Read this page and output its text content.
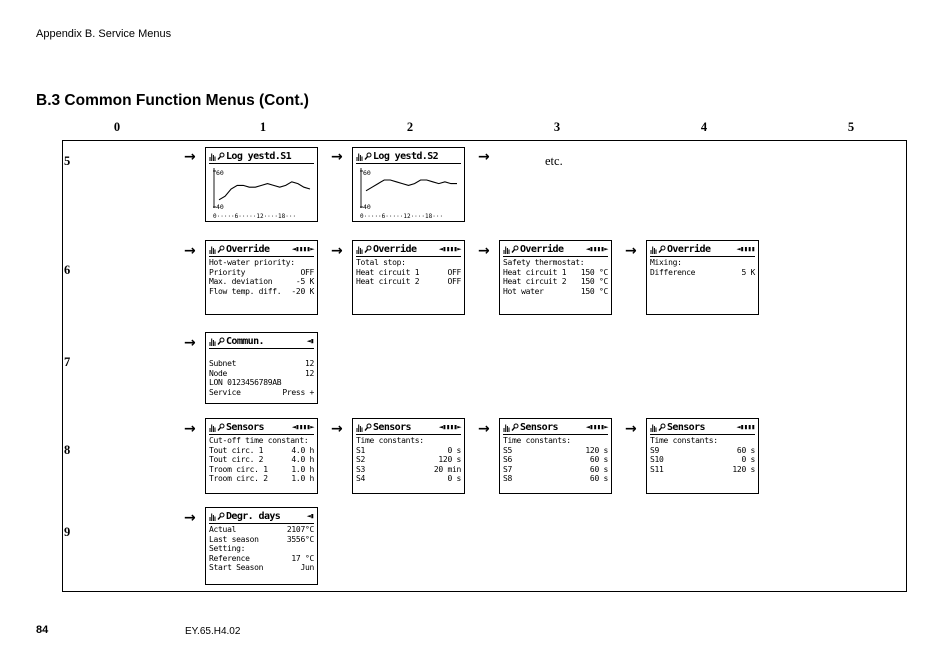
Appendix B. Service Menus
B.3 Common Function Menus (Cont.)
0	1	2	3	4	5
5
6
7
8
9
→	→	→
→	→	→	→
→
→	→	→	→
→
etc.
Log yestd.S1
60
40
0·····6·····12····18···
Log yestd.S2
60
40
0·····6·····12····18···
Override	◄▮▮▮▮►
Hot-water priority:
Priority	OFF
Max. deviation	-5 K
Flow temp. diff. -20 K
Override	◄▮▮▮▮►
Total stop:
Heat circuit 1	OFF
Heat circuit 2	OFF
Override	◄▮▮▮▮►
Safety thermostat:
Heat circuit 1 150 °C
Heat circuit 2 150 °C
Hot water	150 °C
Override	◄▮▮▮▮
Mixing:
Difference	5 K
Commun.	◄▮
Subnet	12
Node	12
LON 0123456789AB
Service	Press +
Sensors	◄▮▮▮▮►
Cut-off time constant:
Tout circ. 1	4.0 h
Tout circ. 2	4.0 h
Troom circ. 1	1.0 h
Troom circ. 2	1.0 h
Sensors	◄▮▮▮▮►
Time constants:
S1	0 s
S2	120 s
S3	20 min
S4	0 s
Sensors	◄▮▮▮▮►
Time constants:
S5	120 s
S6	60 s
S7	60 s
S8	60 s
Sensors	◄▮▮▮▮
Time constants:
S9	60 s
S10	0 s
S11	120 s
Degr. days	◄▮
Actual	2107°C
Last season	3556°C
Setting:
Reference	17 °C
Start Season	Jun
84	EY.65.H4.02
